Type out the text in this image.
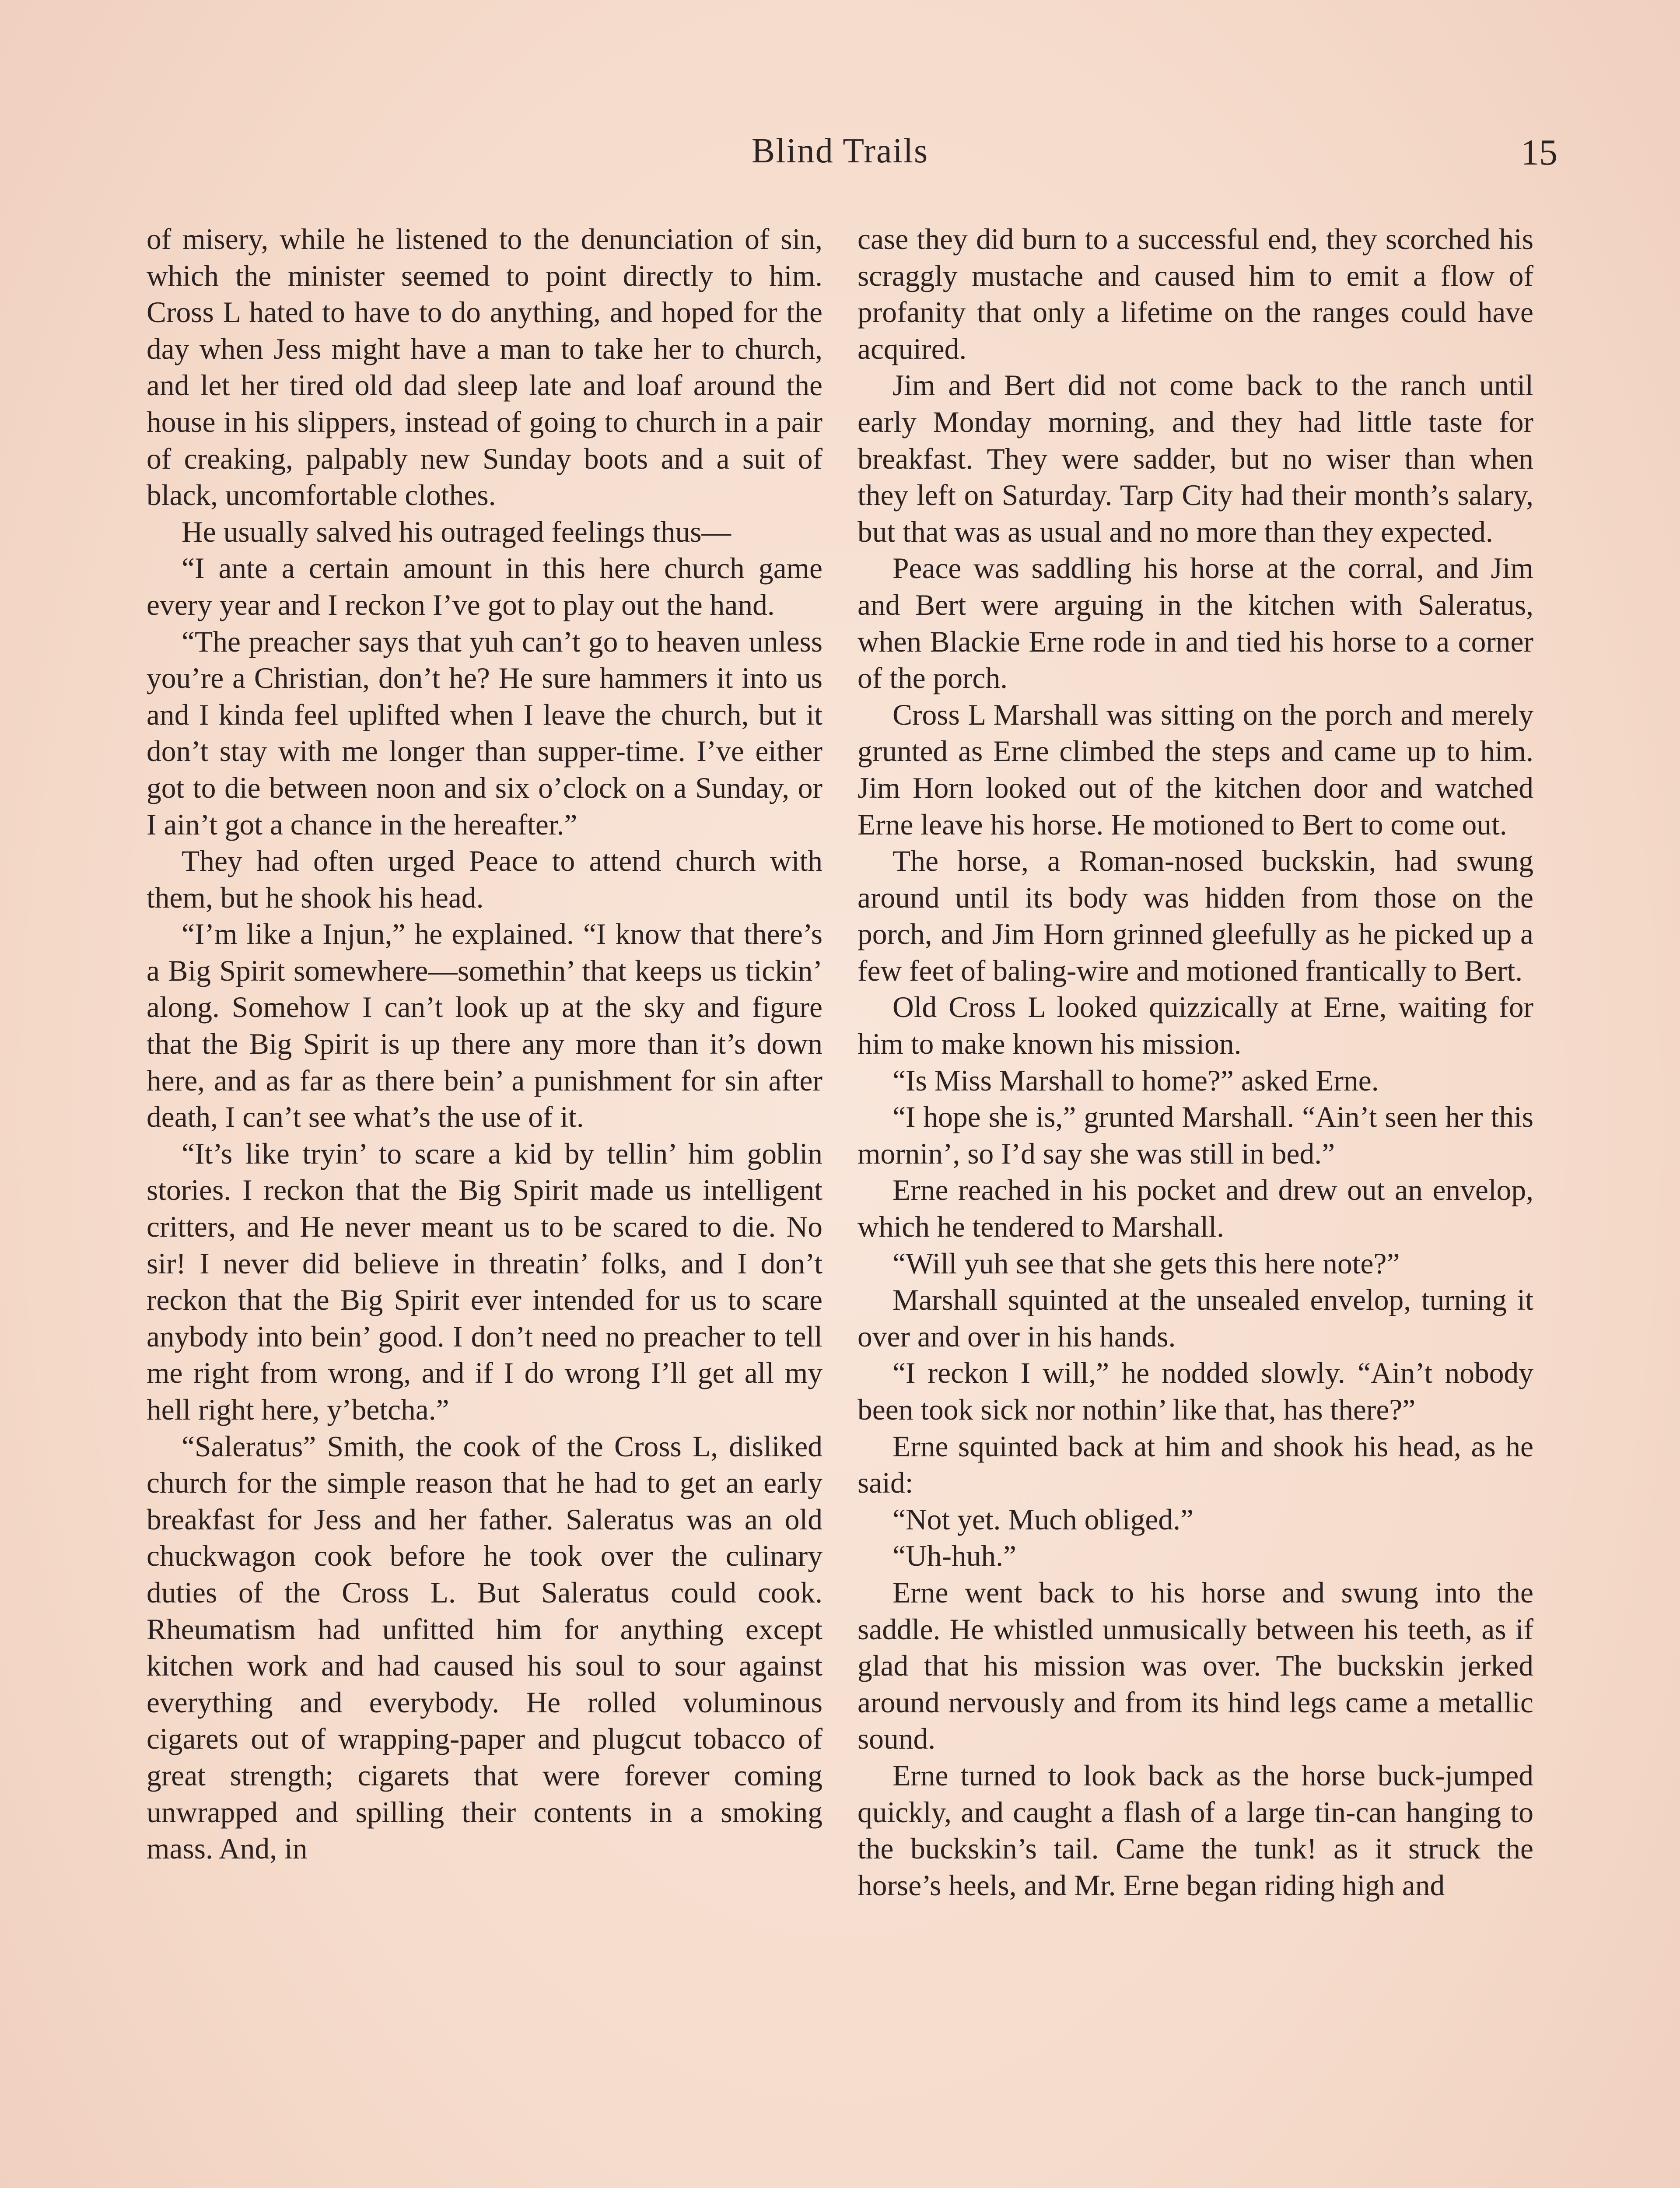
Blind Trails	15

of misery, while he listened to the denunciation of sin, which the minister seemed to point directly to him. Cross L hated to have to do anything, and hoped for the day when Jess might have a man to take her to church, and let her tired old dad sleep late and loaf around the house in his slippers, instead of going to church in a pair of creaking, palpably new Sunday boots and a suit of black, uncomfortable clothes.

He usually salved his outraged feelings thus—

“I ante a certain amount in this here church game every year and I reckon I’ve got to play out the hand.

“The preacher says that yuh can’t go to heaven unless you’re a Christian, don’t he? He sure hammers it into us and I kinda feel uplifted when I leave the church, but it don’t stay with me longer than supper-time. I’ve either got to die between noon and six o’clock on a Sunday, or I ain’t got a chance in the hereafter.”

They had often urged Peace to attend church with them, but he shook his head.

“I’m like a Injun,” he explained. “I know that there’s a Big Spirit somewhere—somethin’ that keeps us tickin’ along. Somehow I can’t look up at the sky and figure that the Big Spirit is up there any more than it’s down here, and as far as there bein’ a punishment for sin after death, I can’t see what’s the use of it.

“It’s like tryin’ to scare a kid by tellin’ him goblin stories. I reckon that the Big Spirit made us intelligent critters, and He never meant us to be scared to die. No sir! I never did believe in threatin’ folks, and I don’t reckon that the Big Spirit ever intended for us to scare anybody into bein’ good. I don’t need no preacher to tell me right from wrong, and if I do wrong I’ll get all my hell right here, y’betcha.”

“Saleratus” Smith, the cook of the Cross L, disliked church for the simple reason that he had to get an early breakfast for Jess and her father. Saleratus was an old chuckwagon cook before he took over the culinary duties of the Cross L. But Saleratus could cook. Rheumatism had unfitted him for anything except kitchen work and had caused his soul to sour against everything and everybody. He rolled voluminous cigarets out of wrapping-paper and plugcut tobacco of great strength; cigarets that were forever coming unwrapped and spilling their contents in a smoking mass. And, in

case they did burn to a successful end, they scorched his scraggly mustache and caused him to emit a flow of profanity that only a lifetime on the ranges could have acquired.

Jim and Bert did not come back to the ranch until early Monday morning, and they had little taste for breakfast. They were sadder, but no wiser than when they left on Saturday. Tarp City had their month’s salary, but that was as usual and no more than they expected.

Peace was saddling his horse at the corral, and Jim and Bert were arguing in the kitchen with Saleratus, when Blackie Erne rode in and tied his horse to a corner of the porch.

Cross L Marshall was sitting on the porch and merely grunted as Erne climbed the steps and came up to him. Jim Horn looked out of the kitchen door and watched Erne leave his horse. He motioned to Bert to come out.

The horse, a Roman-nosed buckskin, had swung around until its body was hidden from those on the porch, and Jim Horn grinned gleefully as he picked up a few feet of baling-wire and motioned frantically to Bert.

Old Cross L looked quizzically at Erne, waiting for him to make known his mission.

“Is Miss Marshall to home?” asked Erne.

“I hope she is,” grunted Marshall. “Ain’t seen her this mornin’, so I’d say she was still in bed.”

Erne reached in his pocket and drew out an envelop, which he tendered to Marshall.

“Will yuh see that she gets this here note?”

Marshall squinted at the unsealed envelop, turning it over and over in his hands.

“I reckon I will,” he nodded slowly. “Ain’t nobody been took sick nor nothin’ like that, has there?”

Erne squinted back at him and shook his head, as he said:

“Not yet. Much obliged.”

“Uh-huh.”

Erne went back to his horse and swung into the saddle. He whistled unmusically between his teeth, as if glad that his mission was over. The buckskin jerked around nervously and from its hind legs came a metallic sound.

Erne turned to look back as the horse buck-jumped quickly, and caught a flash of a large tin-can hanging to the buckskin’s tail. Came the tunk! as it struck the horse’s heels, and Mr. Erne began riding high and
